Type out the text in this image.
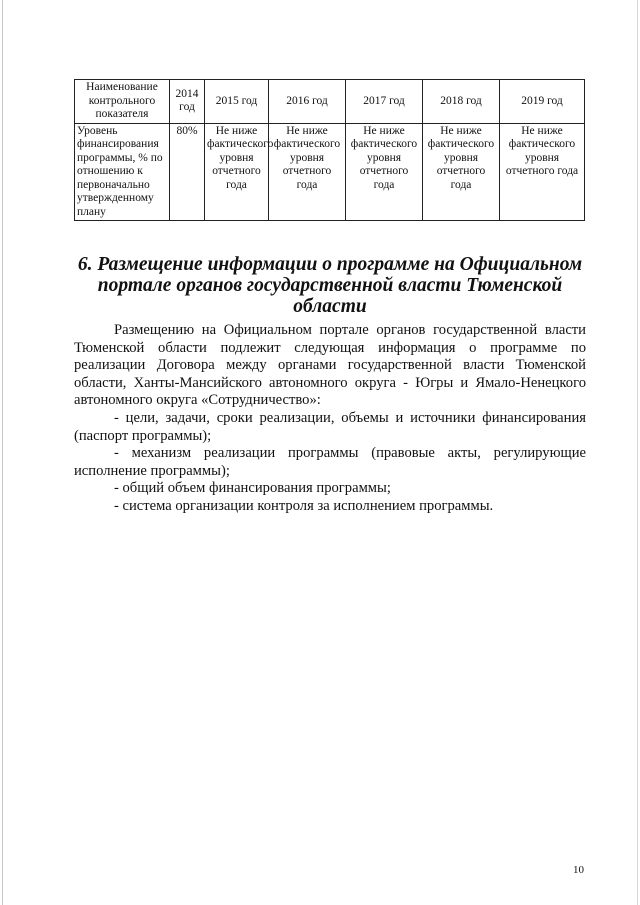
Наименование контрольного показателя	2014 год	2015 год	2016 год	2017 год	2018 год	2019 год
Уровень финансирования программы, % по отношению к первоначально утвержденному плану	80%	Не ниже фактического уровня отчетного года	Не ниже фактического уровня отчетного года	Не ниже фактического уровня отчетного года	Не ниже фактического уровня отчетного года	Не ниже фактического уровня отчетного года
6. Размещение информации о программе на Официальном портале органов государственной власти Тюменской области

Размещению на Официальном портале органов государственной власти Тюменской области подлежит следующая информация о программе по реализации Договора между органами государственной власти Тюменской области, Ханты-Мансийского автономного округа - Югры и Ямало-Ненецкого автономного округа «Сотрудничество»:

- цели, задачи, сроки реализации, объемы и источники финансирования (паспорт программы);

- механизм реализации программы (правовые акты, регулирующие исполнение программы);

- общий объем финансирования программы;

- система организации контроля за исполнением программы.

10
